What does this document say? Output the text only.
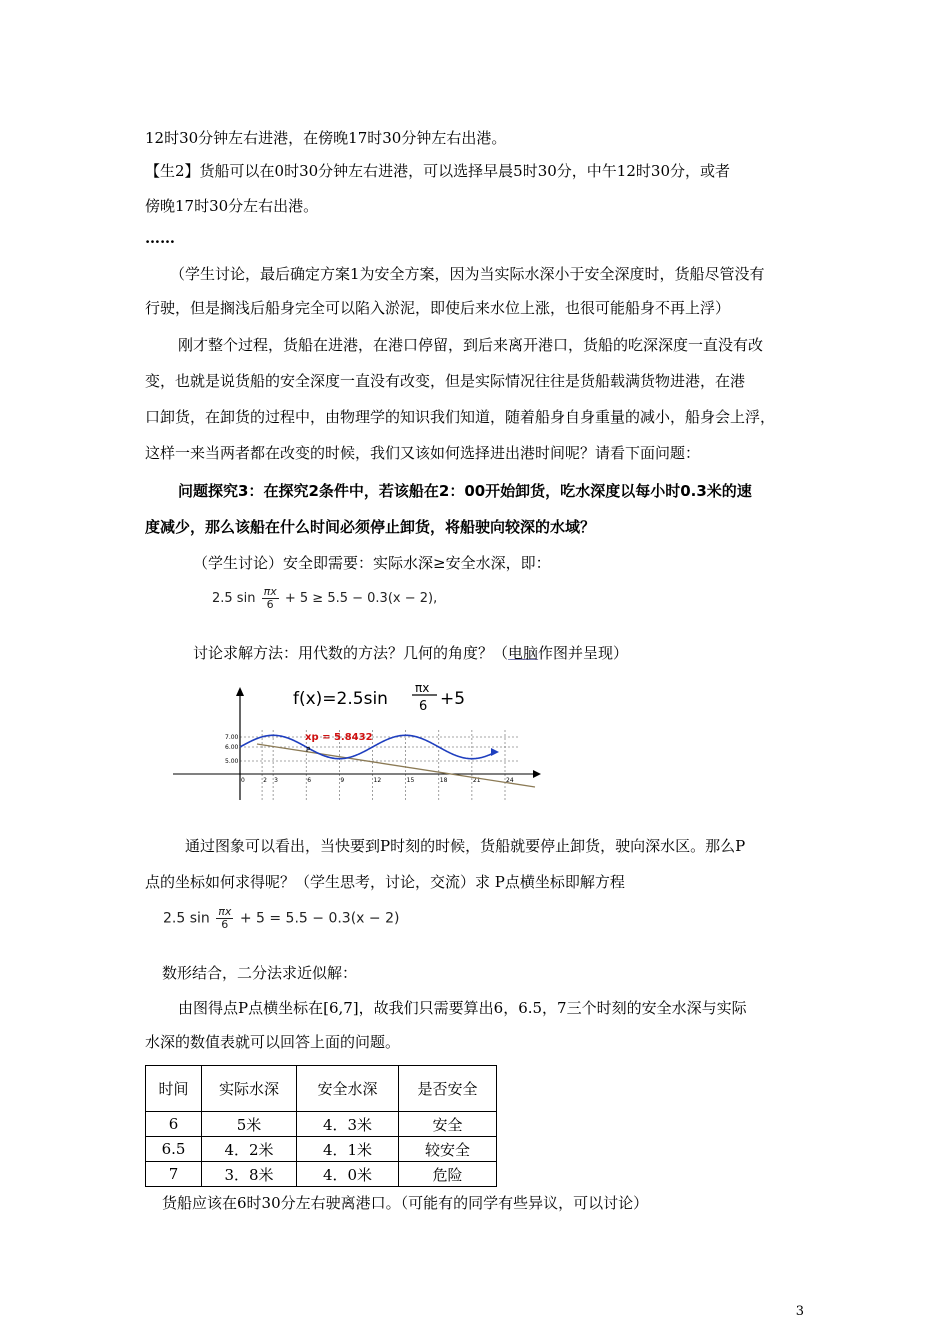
12时30分钟左右进港，在傍晚17时30分钟左右出港。
【生2】货船可以在0时30分钟左右进港，可以选择早晨5时30分，中午12时30分，或者
傍晚17时30分左右出港。
……
（学生讨论，最后确定方案1为安全方案，因为当实际水深小于安全深度时，货船尽管没有
行驶，但是搁浅后船身完全可以陷入淤泥，即使后来水位上涨，也很可能船身不再上浮）
刚才整个过程，货船在进港，在港口停留，到后来离开港口，货船的吃深深度一直没有改
变，也就是说货船的安全深度一直没有改变，但是实际情况往往是货船载满货物进港，在港
口卸货，在卸货的过程中，由物理学的知识我们知道，随着船身自身重量的减小，船身会上浮，
这样一来当两者都在改变的时候，我们又该如何选择进出港时间呢？请看下面问题：
问题探究3：在探究2条件中，若该船在2：00开始卸货，吃水深度以每小时0.3米的速
度减少，那么该船在什么时间必须停止卸货，将船驶向较深的水域？
（学生讨论）安全即需要：实际水深≥安全水深，即：
2.5 $\sin \frac{\pi x}{6} + 5 \ge 5.5 - 0.3(x - 2)$,
讨论求解方法：用代数的方法？几何的角度？（电脑作图并呈现）
f(x)=2.5sin
πx
6 +5
7.00
6.00
5.00
0	2 3	6	9	12	15	18	21	24
xp = 5.8432
P
通过图象可以看出，当快要到P时刻的时候，货船就要停止卸货，驶向深水区。那么P
点的坐标如何求得呢？（学生思考，讨论，交流）求 P点横坐标即解方程
2.5 $\sin \frac{\pi x}{6} + 5 = 5.5 - 0.3(x - 2)$
数形结合，二分法求近似解：
由图得点P点横坐标在[6,7]，故我们只需要算出6，6.5，7三个时刻的安全水深与实际
水深的数值表就可以回答上面的问题。
时间	实际水深	安全水深	是否安全
6	5米	4．3米	安全
6.5	4．2米	4．1米	较安全
7	3．8米	4．0米	危险
货船应该在6时30分左右驶离港口。（可能有的同学有些异议，可以讨论）
3
